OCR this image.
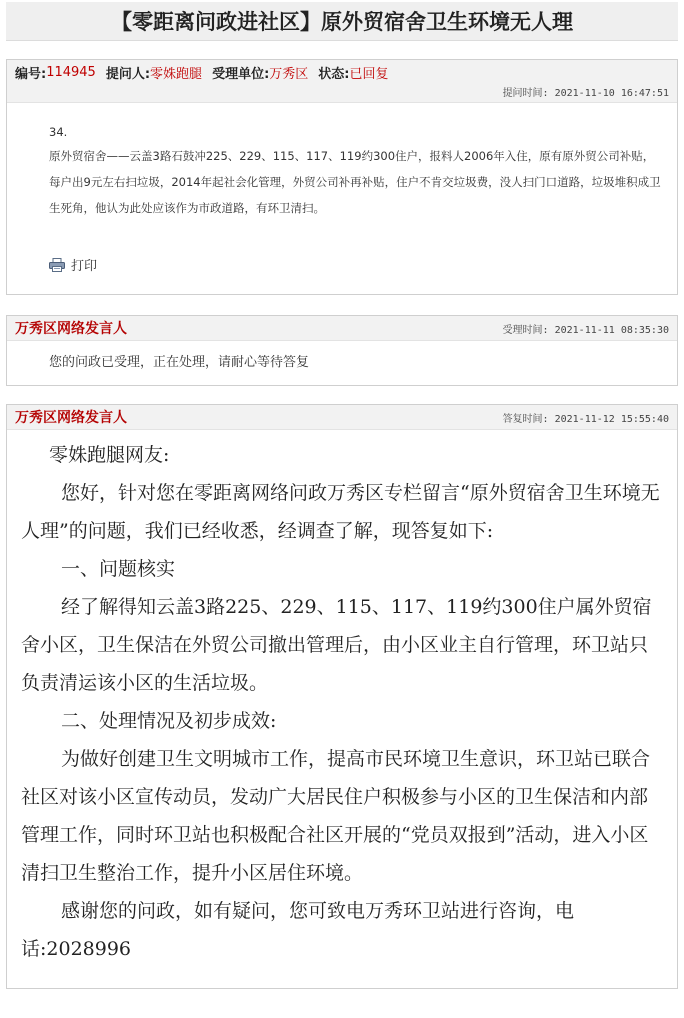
【零距离问政进社区】原外贸宿舍卫生环境无人理
编号: 114945 提问人: 零姝跑腿 受理单位: 万秀区 状态: 已回复
提问时间: 2021-11-10 16:47:51
34.
原外贸宿舍——云盖3路石鼓冲225、229、115、117、119约300住户，报料人2006年入住，原有原外贸公司补贴，每户出9元左右扫垃圾，2014年起社会化管理，外贸公司补再补贴，住户不肯交垃圾费，没人扫门口道路，垃圾堆积成卫生死角，他认为此处应该作为市政道路，有环卫清扫。
打印
万秀区网络发言人	受理时间: 2021-11-11 08:35:30
您的问政已受理，正在处理，请耐心等待答复
万秀区网络发言人	答复时间: 2021-11-12 15:55:40

零姝跑腿网友:

您好，针对您在零距离网络问政万秀区专栏留言“原外贸宿舍卫生环境无人理”的问题，我们已经收悉，经调查了解，现答复如下:

一、问题核实

经了解得知云盖3路225、229、115、117、119约300住户属外贸宿舍小区，卫生保洁在外贸公司撤出管理后，由小区业主自行管理，环卫站只负责清运该小区的生活垃圾。

二、处理情况及初步成效:

为做好创建卫生文明城市工作，提高市民环境卫生意识，环卫站已联合社区对该小区宣传动员，发动广大居民住户积极参与小区的卫生保洁和内部管理工作，同时环卫站也积极配合社区开展的“党员双报到”活动，进入小区清扫卫生整治工作，提升小区居住环境。

感谢您的问政，如有疑问，您可致电万秀环卫站进行咨询，电话:2028996
